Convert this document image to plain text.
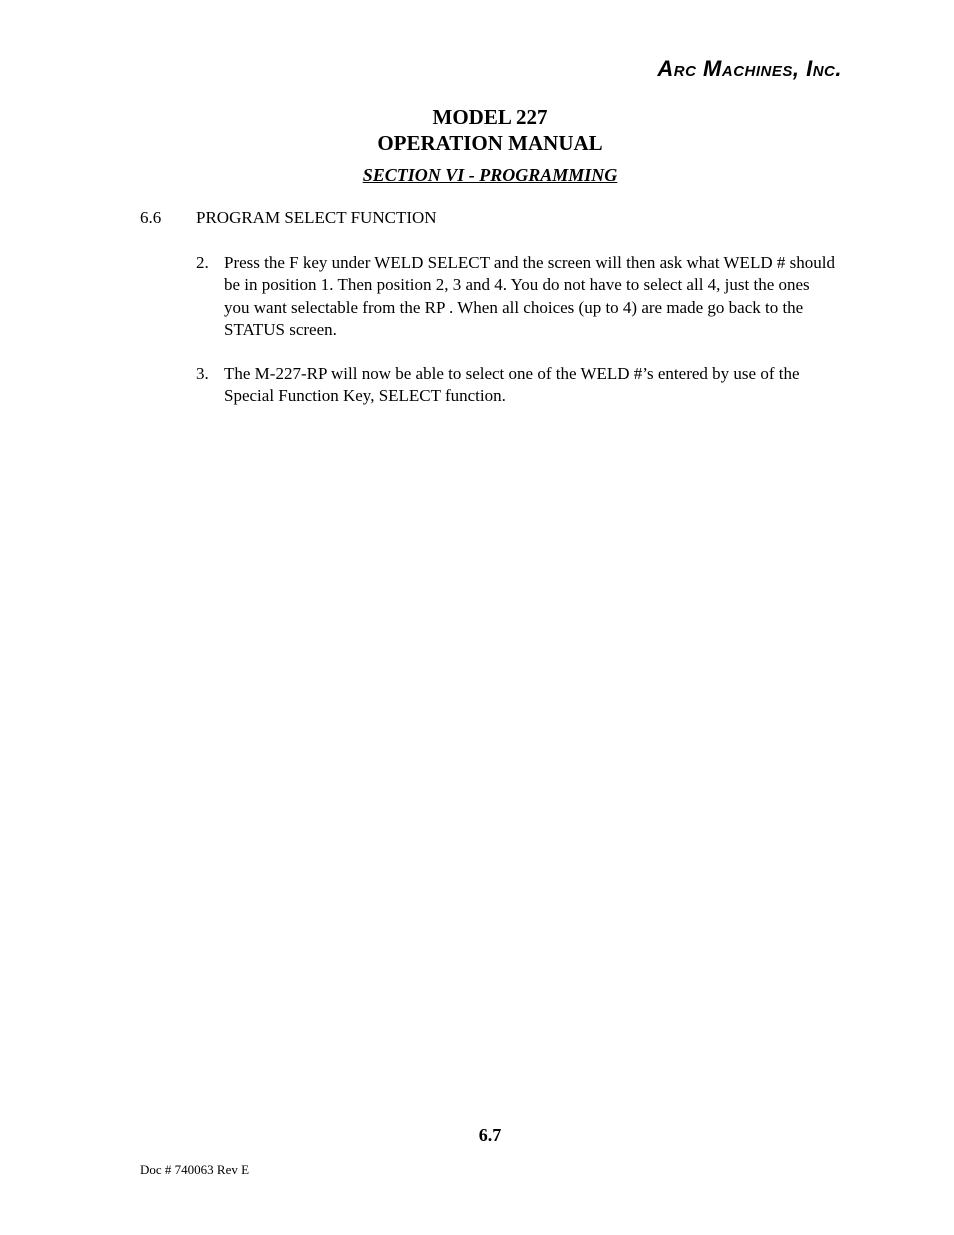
Arc Machines, Inc.
MODEL 227
OPERATION MANUAL
SECTION VI - PROGRAMMING
6.6 PROGRAM SELECT FUNCTION
2. Press the F key under WELD SELECT and the screen will then ask what WELD # should be in position 1. Then position 2, 3 and 4. You do not have to select all 4, just the ones you want selectable from the RP . When all choices (up to 4) are made go back to the STATUS screen.
3. The M-227-RP will now be able to select one of the WELD #’s entered by use of the Special Function Key, SELECT function.
6.7
Doc # 740063 Rev E
